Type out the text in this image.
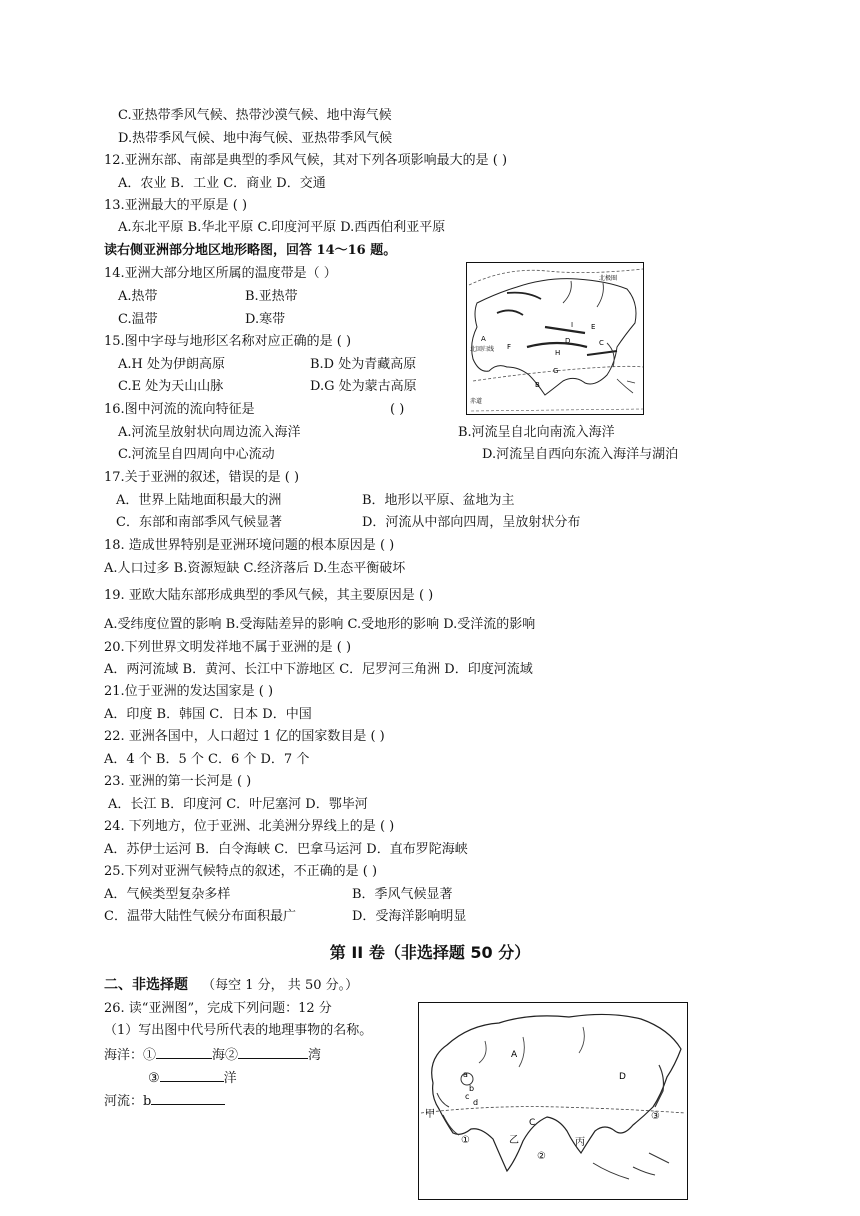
C.亚热带季风气候、热带沙漠气候、地中海气候
D.热带季风气候、地中海气候、亚热带季风气候
12.亚洲东部、南部是典型的季风气候，其对下列各项影响最大的是 ( )
A．农业 B．工业 C．商业 D．交通
13.亚洲最大的平原是 ( )
A.东北平原 B.华北平原 C.印度河平原 D.西西伯利亚平原
读右侧亚洲部分地区地形略图，回答 14～16 题。
14.亚洲大部分地区所属的温度带是（ ）
A.热带	B.亚热带
C.温带	D.寒带
15.图中字母与地形区名称对应正确的是 ( )
A.H 处为伊朗高原	B.D 处为青藏高原
C.E 处为天山山脉	D.G 处为蒙古高原
16.图中河流的流向特征是	( )
A.河流呈放射状向周边流入海洋	B.河流呈自北向南流入海洋
C.河流呈自四周向中心流动	D.河流呈自西向东流入海洋与湖泊
17.关于亚洲的叙述，错误的是 ( )
A．世界上陆地面积最大的洲	B．地形以平原、盆地为主
C．东部和南部季风气候显著	D．河流从中部向四周，呈放射状分布
18. 造成世界特别是亚洲环境问题的根本原因是 ( )
A.人口过多 B.资源短缺 C.经济落后 D.生态平衡破坏
19. 亚欧大陆东部形成典型的季风气候，其主要原因是 ( )
A.受纬度位置的影响 B.受海陆差异的影响 C.受地形的影响 D.受洋流的影响
20.下列世界文明发祥地不属于亚洲的是 ( )
A．两河流域 B．黄河、长江中下游地区 C．尼罗河三角洲 D．印度河流域
21.位于亚洲的发达国家是 ( )
A．印度 B．韩国 C．日本 D．中国
22. 亚洲各国中，人口超过 1 亿的国家数目是 ( )
A．4 个 B．5 个 C．6 个 D．7 个
23. 亚洲的第一长河是 ( )
A．长江 B．印度河 C．叶尼塞河 D．鄂毕河
24. 下列地方，位于亚洲、北美洲分界线上的是 ( )
A．苏伊士运河 B．白令海峡 C．巴拿马运河 D．直布罗陀海峡
25.下列对亚洲气候特点的叙述，不正确的是 ( )
A．气候类型复杂多样	B．季风气候显著
C．温带大陆性气候分布面积最广	D．受海洋影响明显
第 II 卷（非选择题 50 分）
二、非选择题 （每空 1 分， 共 50 分。）
26. 读“亚洲图”，完成下列问题：12 分
（1）写出图中代号所代表的地理事物的名称。
海洋：①	海②	湾
③	洋
河流：b
北极圈
北回归线
赤道
A
B
C
D
E
F
G
H
I
A
a
b
c
d
C
D
①
②
③
甲
乙	丙
